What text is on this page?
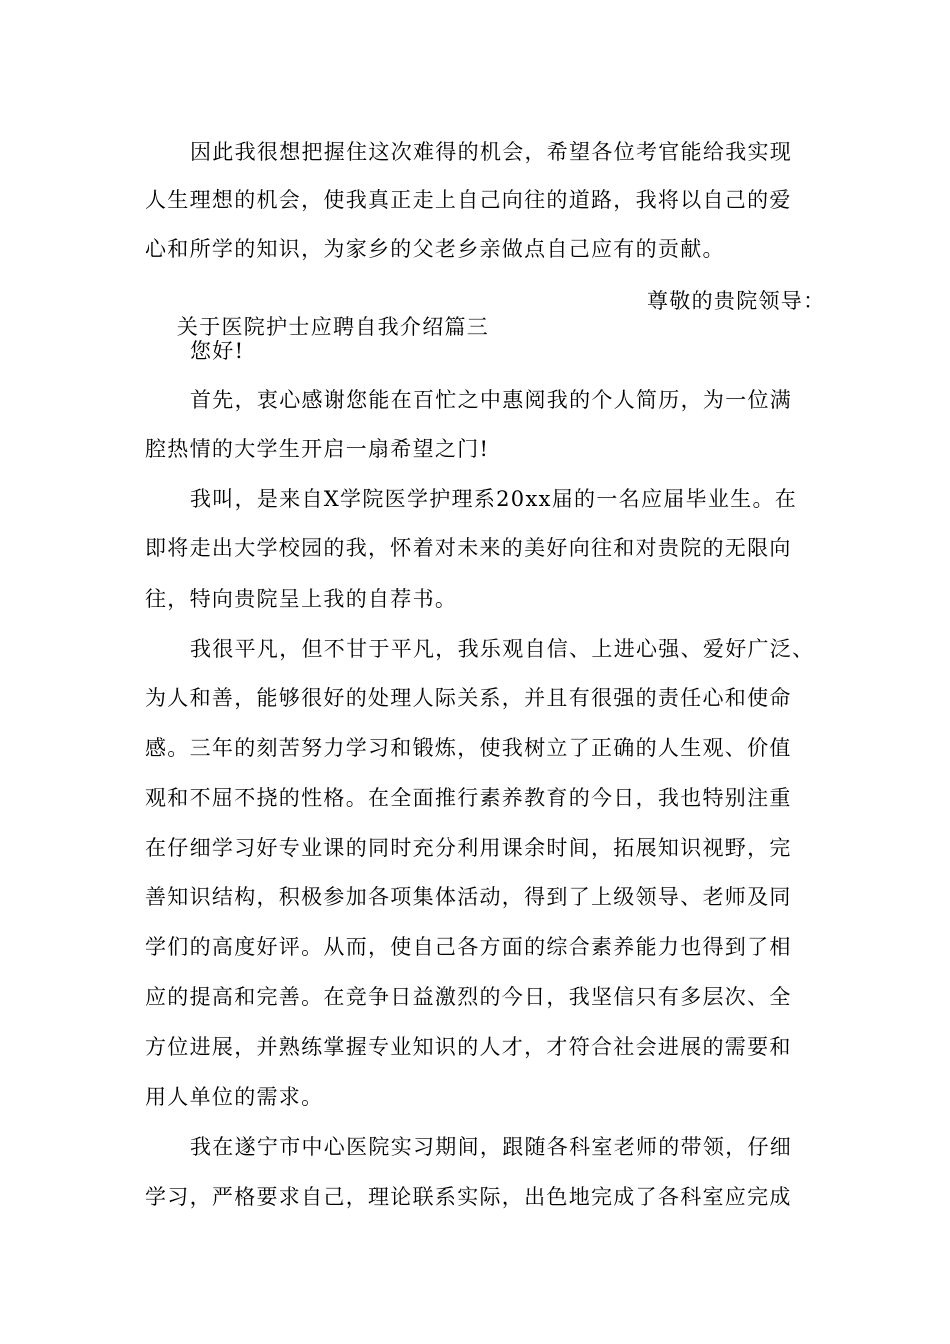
因此我很想把握住这次难得的机会，希望各位考官能给我实现
人生理想的机会，使我真正走上自己向往的道路，我将以自己的爱
心和所学的知识，为家乡的父老乡亲做点自己应有的贡献。

关于医院护士应聘自我介绍篇三

尊敬的贵院领导：

您好!
首先，衷心感谢您能在百忙之中惠阅我的个人简历，为一位满
腔热情的大学生开启一扇希望之门!
我叫，是来自X学院医学护理系20xx届的一名应届毕业生。在
即将走出大学校园的我，怀着对未来的美好向往和对贵院的无限向
往，特向贵院呈上我的自荐书。
我很平凡，但不甘于平凡，我乐观自信、上进心强、爱好广泛、
为人和善，能够很好的处理人际关系，并且有很强的责任心和使命
感。三年的刻苦努力学习和锻炼，使我树立了正确的人生观、价值
观和不屈不挠的性格。在全面推行素养教育的今日，我也特别注重
在仔细学习好专业课的同时充分利用课余时间，拓展知识视野，完
善知识结构，积极参加各项集体活动，得到了上级领导、老师及同
学们的高度好评。从而，使自己各方面的综合素养能力也得到了相
应的提高和完善。在竞争日益激烈的今日，我坚信只有多层次、全
方位进展，并熟练掌握专业知识的人才，才符合社会进展的需要和
用人单位的需求。
我在遂宁市中心医院实习期间，跟随各科室老师的带领，仔细
学习，严格要求自己，理论联系实际，出色地完成了各科室应完成
